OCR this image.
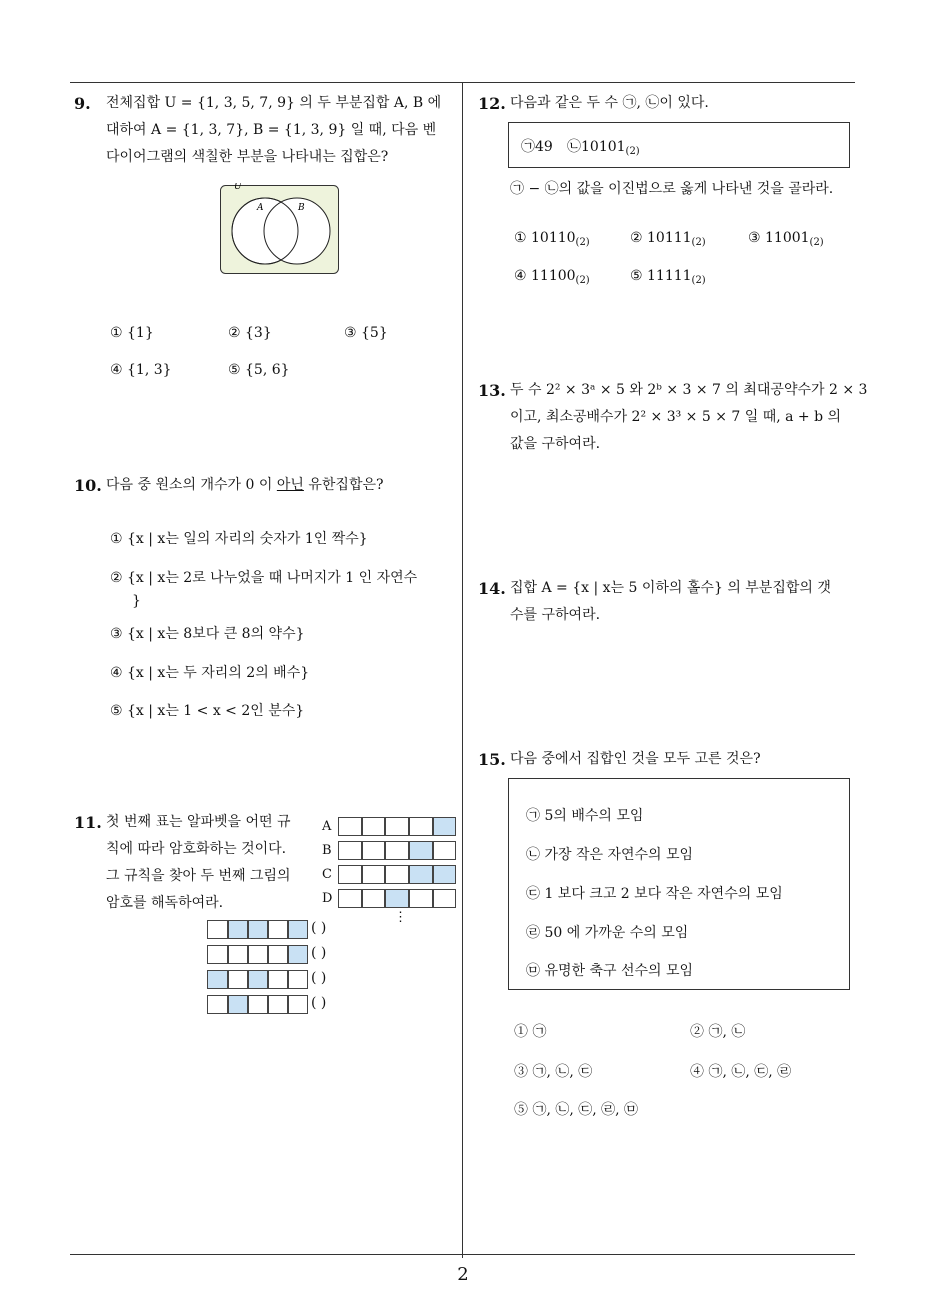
2
9. 전체집합 U = {1, 3, 5, 7, 9} 의 두 부분집합 A, B 에
대하여 A = {1, 3, 7}, B = {1, 3, 9} 일 때, 다음 벤
다이어그램의 색칠한 부분을 나타내는 집합은?
U
A	B
① {1}	② {3}	③ {5}
④ {1, 3}	⑤ {5, 6}
10. 다음 중 원소의 개수가 0 이 아닌 유한집합은?
① {x | x는 일의 자리의 숫자가 1인 짝수}
② {x | x는 2로 나누었을 때 나머지가 1 인 자연수
}
③ {x | x는 8보다 큰 8의 약수}
④ {x | x는 두 자리의 2의 배수}
⑤ {x | x는 1 < x < 2인 분수}
11. 첫 번째 표는 알파벳을 어떤 규
칙에 따라 암호화하는 것이다.
그 규칙을 찾아 두 번째 그림의
암호를 해독하여라.
A
B
C
D
⋮
( )
( )
( )
( )
12. 다음과 같은 두 수 ㉠, ㉡이 있다.
㉠49 $㉡10101_{(2)}$
㉠ − ㉡의 값을 이진법으로 옳게 나타낸 것을 골라라.
① $10110_{(2)}$	② $10111_{(2)}$	③ $11001_{(2)}$
④ $11100_{(2)}$	⑤ $11111_{(2)}$
13. 두 수 2² × 3ᵃ × 5 와 2ᵇ × 3 × 7 의 최대공약수가 2 × 3
이고, 최소공배수가 2² × 3³ × 5 × 7 일 때, a + b 의
값을 구하여라.
14. 집합 A = {x | x는 5 이하의 홀수} 의 부분집합의 갯
수를 구하여라.
15. 다음 중에서 집합인 것을 모두 고른 것은?
㉠ 5의 배수의 모임
㉡ 가장 작은 자연수의 모임
㉢ 1 보다 크고 2 보다 작은 자연수의 모임
㉣ 50 에 가까운 수의 모임
㉤ 유명한 축구 선수의 모임
① ㉠	② ㉠, ㉡
③ ㉠, ㉡, ㉢	④ ㉠, ㉡, ㉢, ㉣
⑤ ㉠, ㉡, ㉢, ㉣, ㉤
